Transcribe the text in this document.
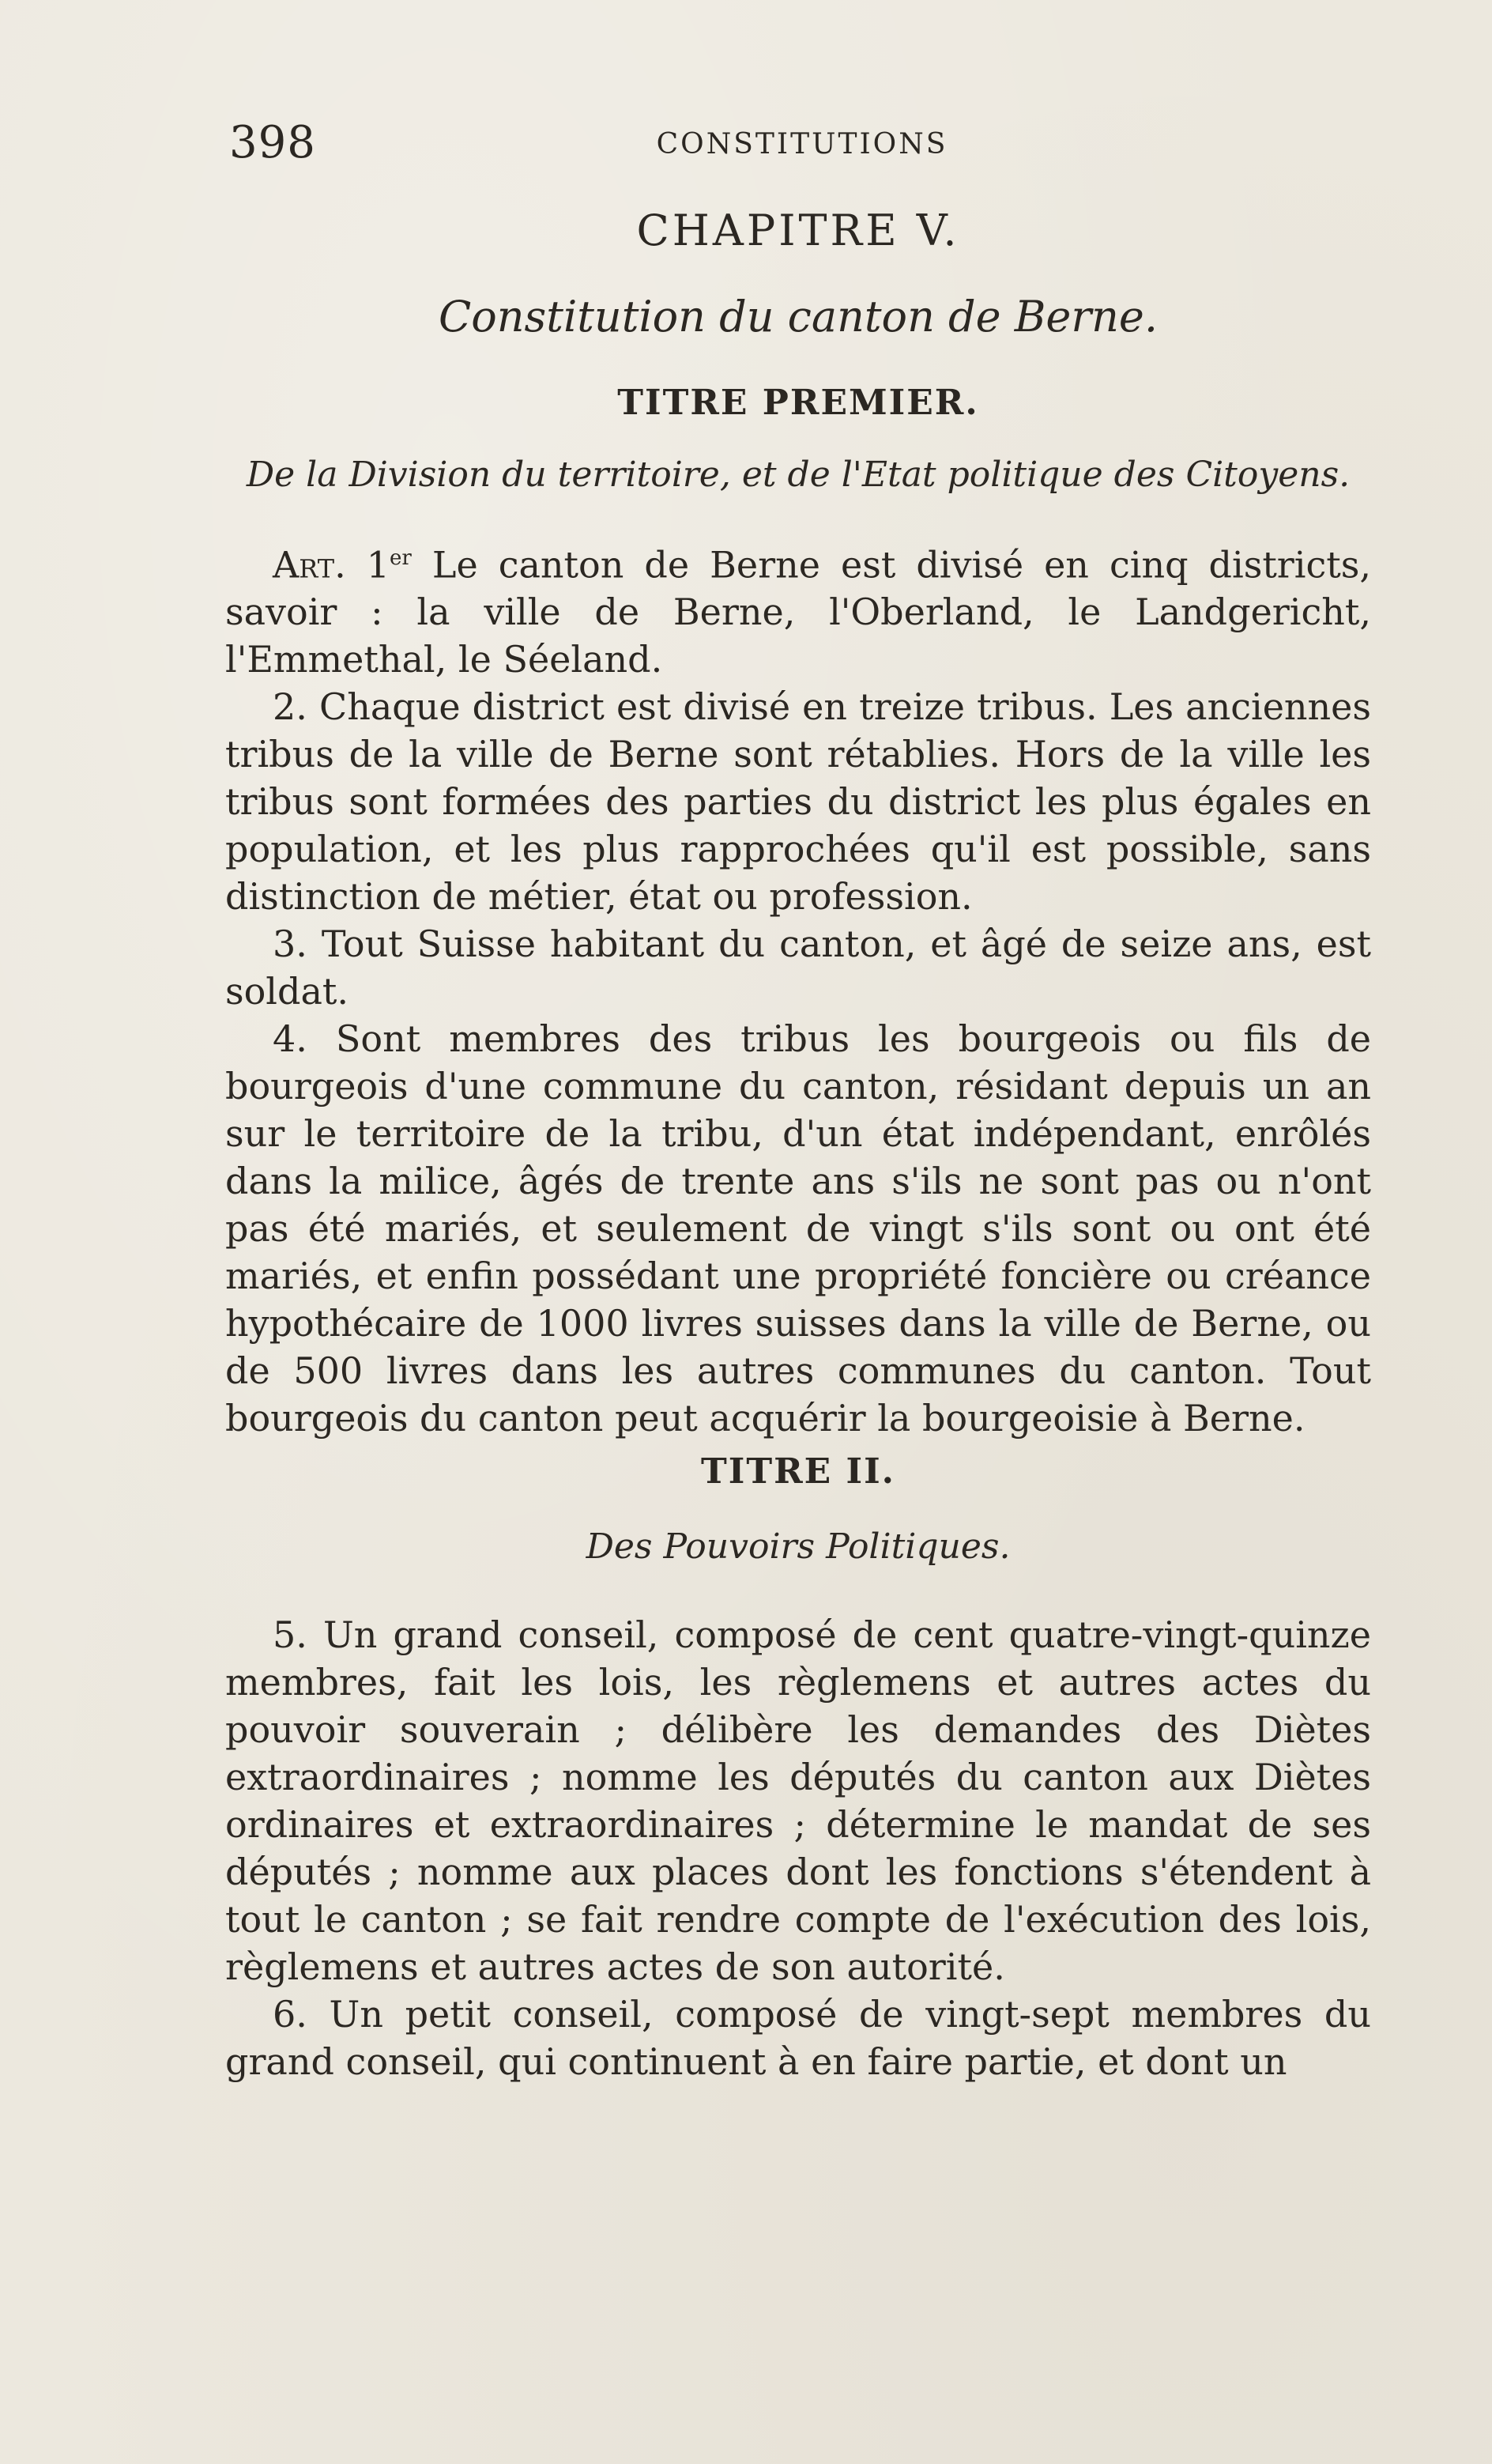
398	CONSTITUTIONS
CHAPITRE V.
Constitution du canton de Berne.
TITRE PREMIER.
De la Division du territoire, et de l'Etat politique des Citoyens.

Art. 1er Le canton de Berne est divisé en cinq districts, savoir : la ville de Berne, l'Oberland, le Landgericht, l'Emmethal, le Séeland.

2. Chaque district est divisé en treize tribus. Les anciennes tribus de la ville de Berne sont rétablies. Hors de la ville les tribus sont formées des parties du district les plus égales en population, et les plus rapprochées qu'il est possible, sans distinction de métier, état ou profession.

3. Tout Suisse habitant du canton, et âgé de seize ans, est soldat.

4. Sont membres des tribus les bourgeois ou fils de bourgeois d'une commune du canton, résidant depuis un an sur le territoire de la tribu, d'un état indépendant, enrôlés dans la milice, âgés de trente ans s'ils ne sont pas ou n'ont pas été mariés, et seulement de vingt s'ils sont ou ont été mariés, et enfin possédant une propriété foncière ou créance hypothécaire de 1000 livres suisses dans la ville de Berne, ou de 500 livres dans les autres communes du canton. Tout bourgeois du canton peut acquérir la bourgeoisie à Berne.

TITRE II.
Des Pouvoirs Politiques.

5. Un grand conseil, composé de cent quatre-vingt-quinze membres, fait les lois, les règlemens et autres actes du pouvoir souverain ; délibère les demandes des Diètes extraordinaires ; nomme les députés du canton aux Diètes ordinaires et extraordinaires ; détermine le mandat de ses députés ; nomme aux places dont les fonctions s'étendent à tout le canton ; se fait rendre compte de l'exécution des lois, règlemens et autres actes de son autorité.

6. Un petit conseil, composé de vingt-sept membres du grand conseil, qui continuent à en faire partie, et dont un
